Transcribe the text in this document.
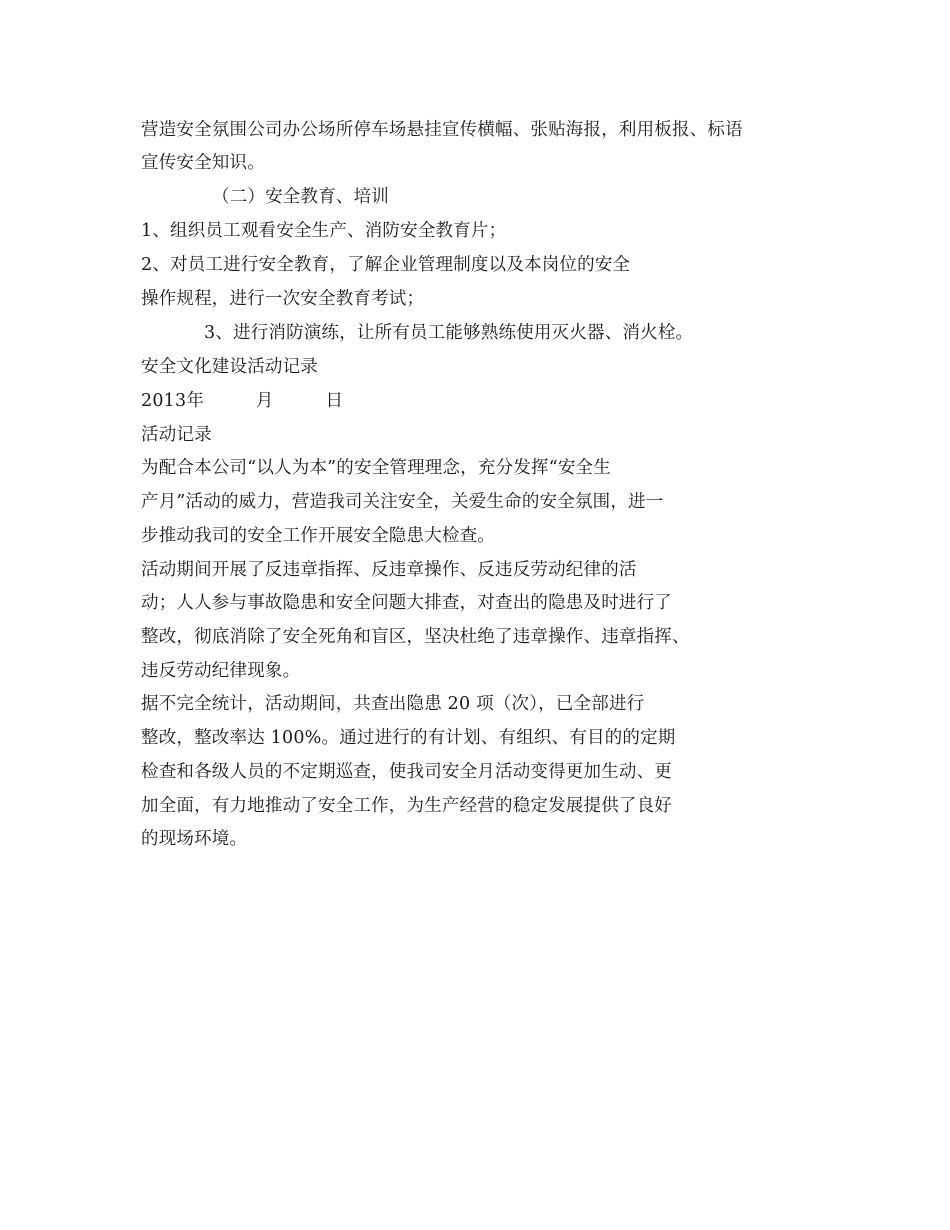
营造安全氛围公司办公场所停车场悬挂宣传横幅、张贴海报，利用板报、标语
宣传安全知识。
（二）安全教育、培训
1、组织员工观看安全生产、消防安全教育片；
2、对员工进行安全教育，了解企业管理制度以及本岗位的安全
操作规程，进行一次安全教育考试；
3、进行消防演练，让所有员工能够熟练使用灭火器、消火栓。
安全文化建设活动记录
2013年         月         日
活动记录
为配合本公司“以人为本”的安全管理理念，充分发挥“安全生
产月”活动的威力，营造我司关注安全，关爱生命的安全氛围，进一
步推动我司的安全工作开展安全隐患大检查。
活动期间开展了反违章指挥、反违章操作、反违反劳动纪律的活
动；人人参与事故隐患和安全问题大排查，对查出的隐患及时进行了
整改，彻底消除了安全死角和盲区，坚决杜绝了违章操作、违章指挥、
违反劳动纪律现象。
据不完全统计，活动期间，共查出隐患 20 项（次），已全部进行
整改，整改率达 100%。通过进行的有计划、有组织、有目的的定期
检查和各级人员的不定期巡查，使我司安全月活动变得更加生动、更
加全面，有力地推动了安全工作，为生产经营的稳定发展提供了良好
的现场环境。
